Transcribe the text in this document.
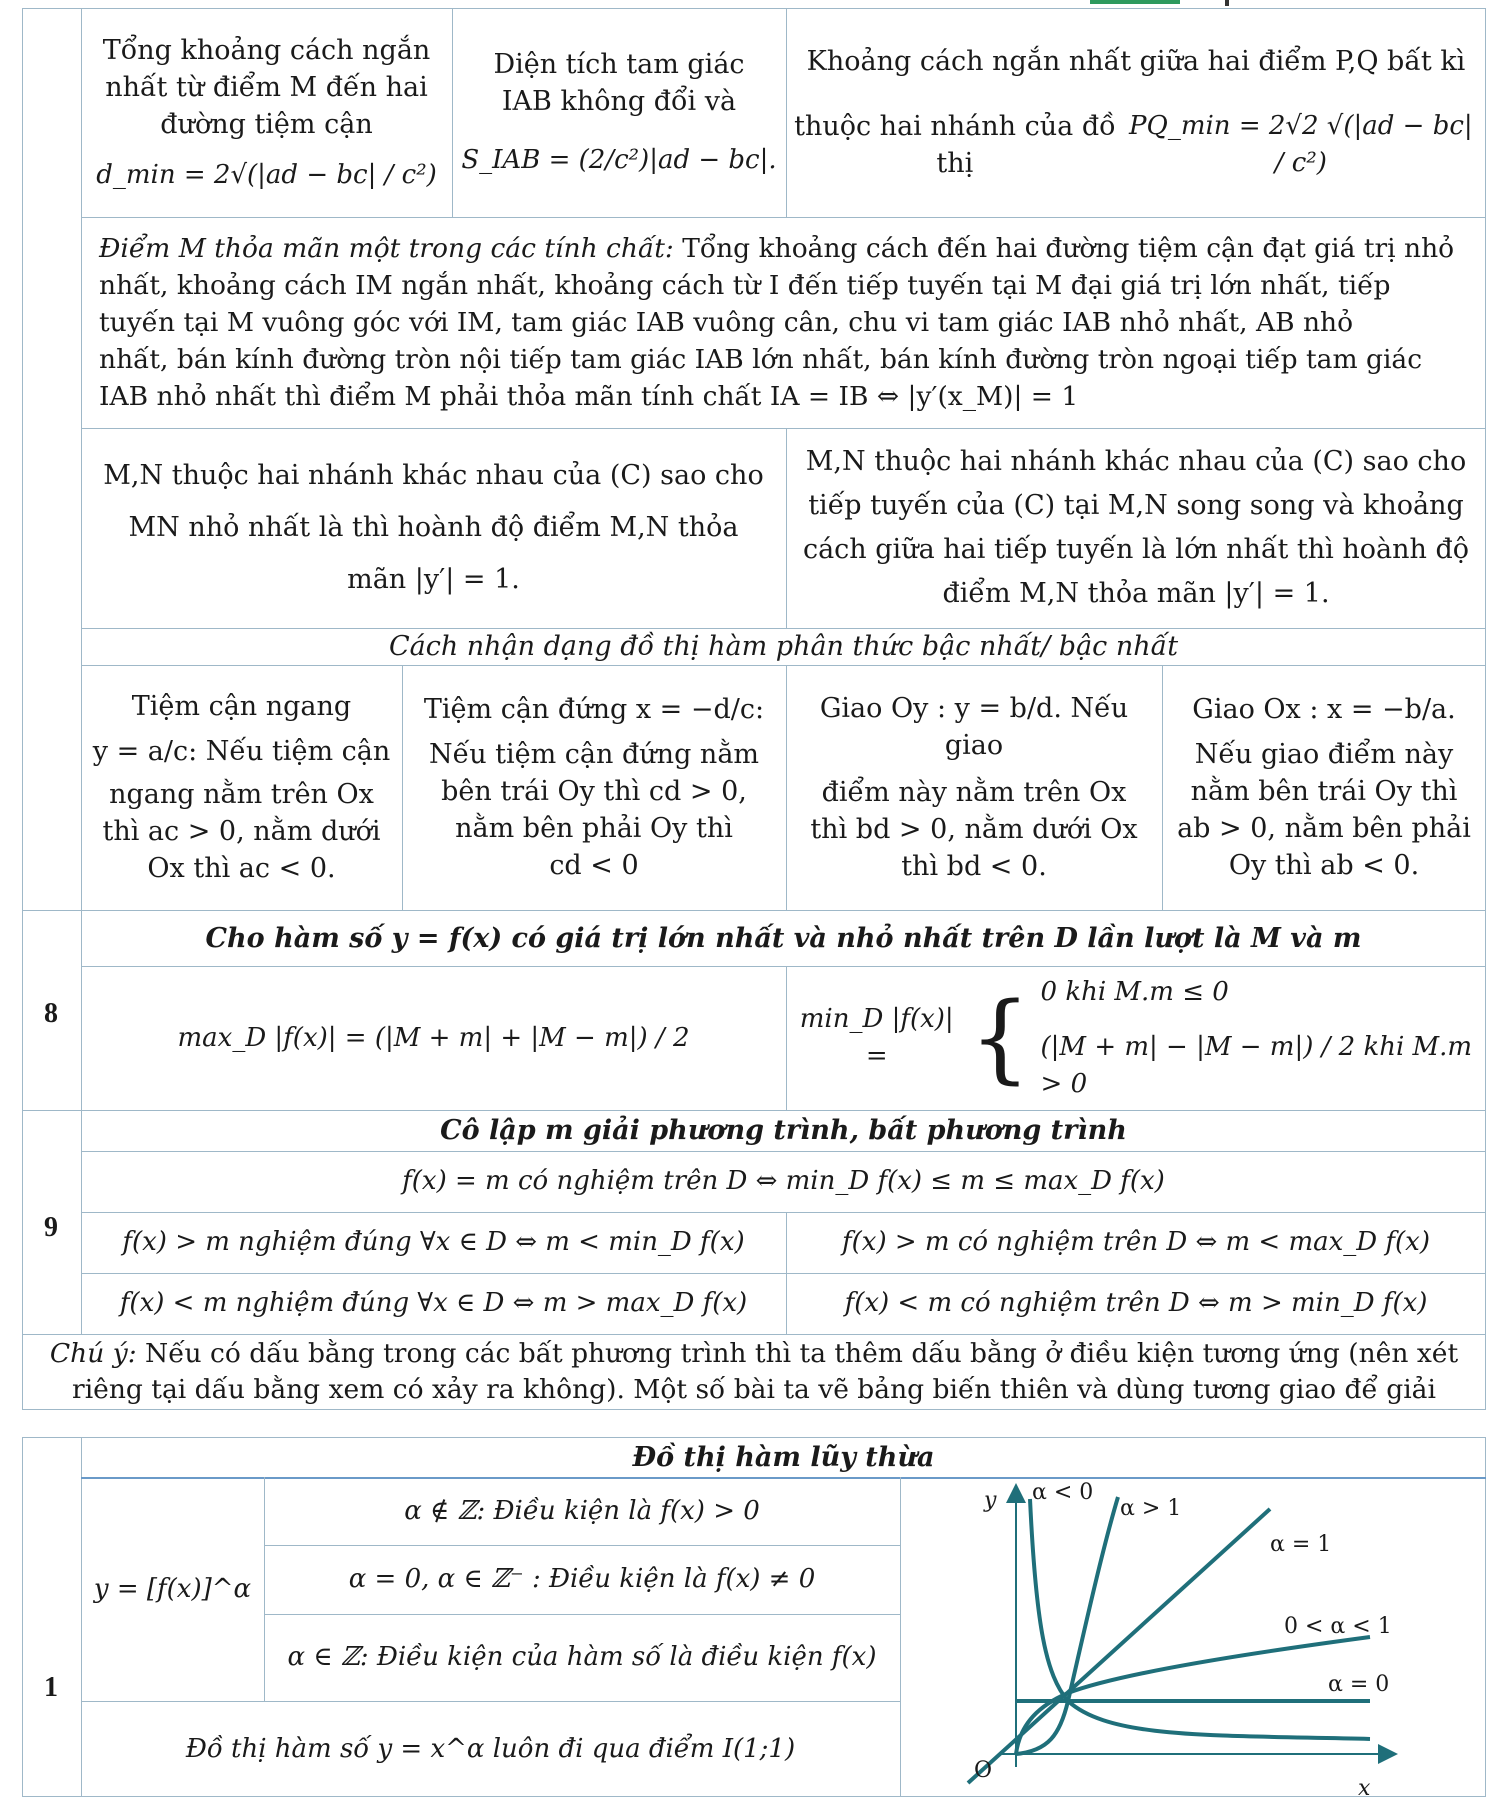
Tổng khoảng cách ngắn
nhất từ điểm M đến hai
đường tiệm cận
d_min = 2√(|ad − bc| / c²)
Diện tích tam giác
IAB không đổi và
S_IAB = (2/c²)|ad − bc|.
Khoảng cách ngắn nhất giữa hai điểm P,Q bất kì
thuộc hai nhánh của đồ thị
PQ_min = 2√2 √(|ad − bc| / c²)
Điểm M thỏa mãn một trong các tính chất: Tổng khoảng cách đến hai đường tiệm cận đạt giá trị nhỏ
nhất, khoảng cách IM ngắn nhất, khoảng cách từ I đến tiếp tuyến tại M đại giá trị lớn nhất, tiếp
tuyến tại M vuông góc với IM, tam giác IAB vuông cân, chu vi tam giác IAB nhỏ nhất, AB nhỏ
nhất, bán kính đường tròn nội tiếp tam giác IAB lớn nhất, bán kính đường tròn ngoại tiếp tam giác
IAB nhỏ nhất thì điểm M phải thỏa mãn tính chất IA = IB ⇔ |y′(x_M)| = 1
M,N thuộc hai nhánh khác nhau của (C) sao cho
MN nhỏ nhất là thì hoành độ điểm M,N thỏa
mãn |y′| = 1.
M,N thuộc hai nhánh khác nhau của (C) sao cho
tiếp tuyến của (C) tại M,N song song và khoảng
cách giữa hai tiếp tuyến là lớn nhất thì hoành độ
điểm M,N thỏa mãn |y′| = 1.
Cách nhận dạng đồ thị hàm phân thức bậc nhất/ bậc nhất
Tiệm cận ngang
y = a/c: Nếu tiệm cận
ngang nằm trên Ox
thì ac > 0, nằm dưới
Ox thì ac < 0.
Tiệm cận đứng x = −d/c:
Nếu tiệm cận đứng nằm
bên trái Oy thì cd > 0,
nằm bên phải Oy thì
cd < 0
Giao Oy : y = b/d. Nếu giao
điểm này nằm trên Ox
thì bd > 0, nằm dưới Ox
thì bd < 0.
Giao Ox : x = −b/a.
Nếu giao điểm này
nằm bên trái Oy thì
ab > 0, nằm bên phải
Oy thì ab < 0.
8
Cho hàm số y = f(x) có giá trị lớn nhất và nhỏ nhất trên D lần lượt là M và m
max_D |f(x)| = (|M + m| + |M − m|) / 2
min_D |f(x)| = { 0 khi M.m ≤ 0
(|M + m| − |M − m|) / 2 khi M.m > 0
9
Cô lập m giải phương trình, bất phương trình
f(x) = m có nghiệm trên D ⇔ min_D f(x) ≤ m ≤ max_D f(x)
f(x) > m nghiệm đúng ∀x ∈ D ⇔ m < min_D f(x)	f(x) > m có nghiệm trên D ⇔ m < max_D f(x)
f(x) < m nghiệm đúng ∀x ∈ D ⇔ m > max_D f(x)	f(x) < m có nghiệm trên D ⇔ m > min_D f(x)
Chú ý: Nếu có dấu bằng trong các bất phương trình thì ta thêm dấu bằng ở điều kiện tương ứng (nên xét
riêng tại dấu bằng xem có xảy ra không). Một số bài ta vẽ bảng biến thiên và dùng tương giao để giải
1
Đồ thị hàm lũy thừa
y = [f(x)]^α
α ∉ ℤ: Điều kiện là f(x) > 0
α = 0, α ∈ ℤ⁻ : Điều kiện là f(x) ≠ 0
α ∈ ℤ: Điều kiện của hàm số là điều kiện f(x)
Đồ thị hàm số y = x^α luôn đi qua điểm I(1;1)
y
x
O
α < 0
α > 1
α = 1
0 < α < 1
α = 0
